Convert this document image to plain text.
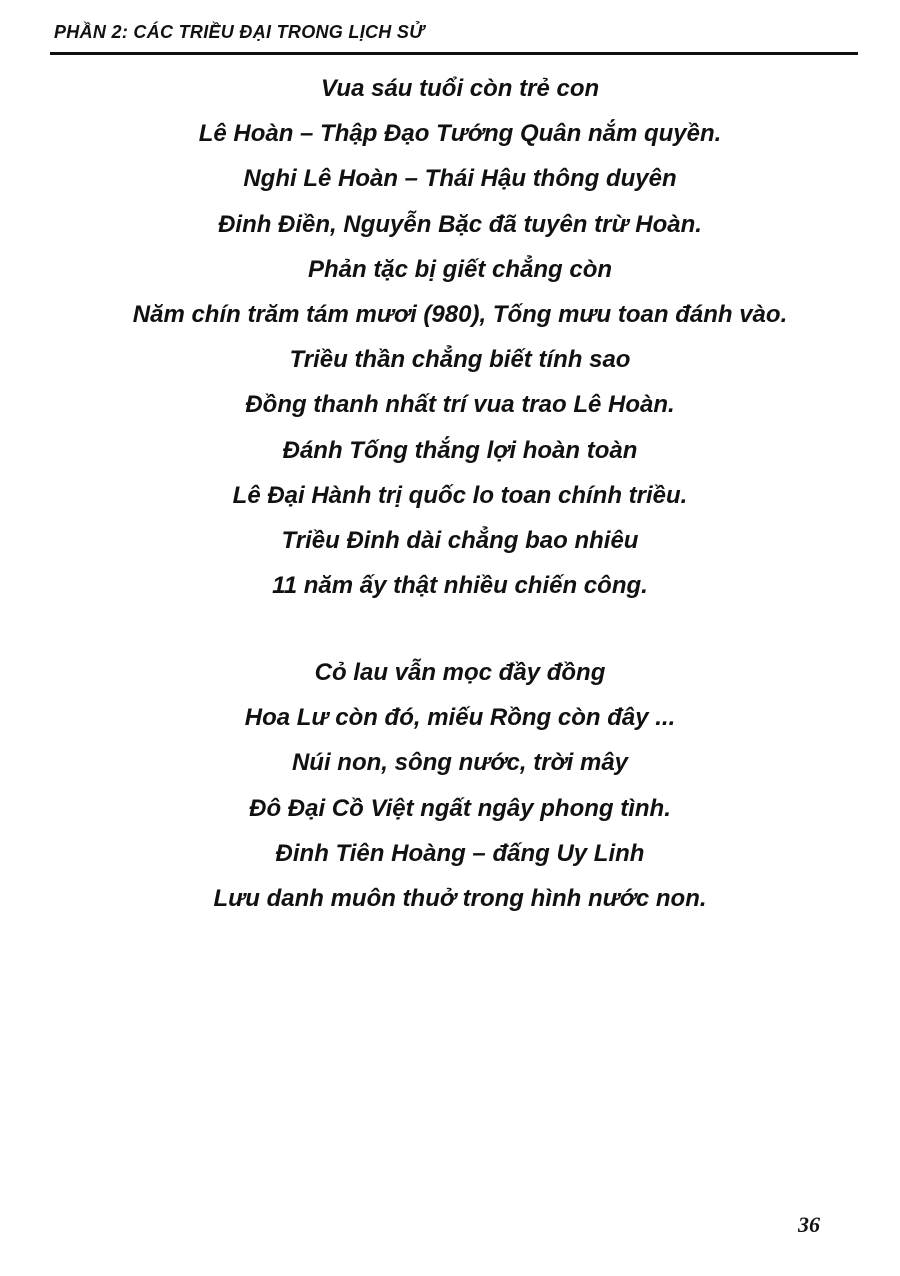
PHẦN 2: CÁC TRIỀU ĐẠI TRONG LỊCH SỬ
Vua sáu tuổi còn trẻ con
Lê Hoàn – Thập Đạo Tướng Quân nắm quyền.
Nghi Lê Hoàn – Thái Hậu thông duyên
Đinh Điền, Nguyễn Bặc đã tuyên trừ Hoàn.
Phản tặc bị giết chẳng còn
Năm chín trăm tám mươi (980), Tống mưu toan đánh vào.
Triều thần chẳng biết tính sao
Đồng thanh nhất trí vua trao Lê Hoàn.
Đánh Tống thắng lợi hoàn toàn
Lê Đại Hành trị quốc lo toan chính triều.
Triều Đinh dài chẳng bao nhiêu
11 năm ấy thật nhiều chiến công.
Cỏ lau vẫn mọc đầy đồng
Hoa Lư còn đó, miếu Rồng còn đây ...
Núi non, sông nước, trời mây
Đô Đại Cồ Việt ngất ngây phong tình.
Đinh Tiên Hoàng – đấng Uy Linh
Lưu danh muôn thuở trong hình nước non.
36
